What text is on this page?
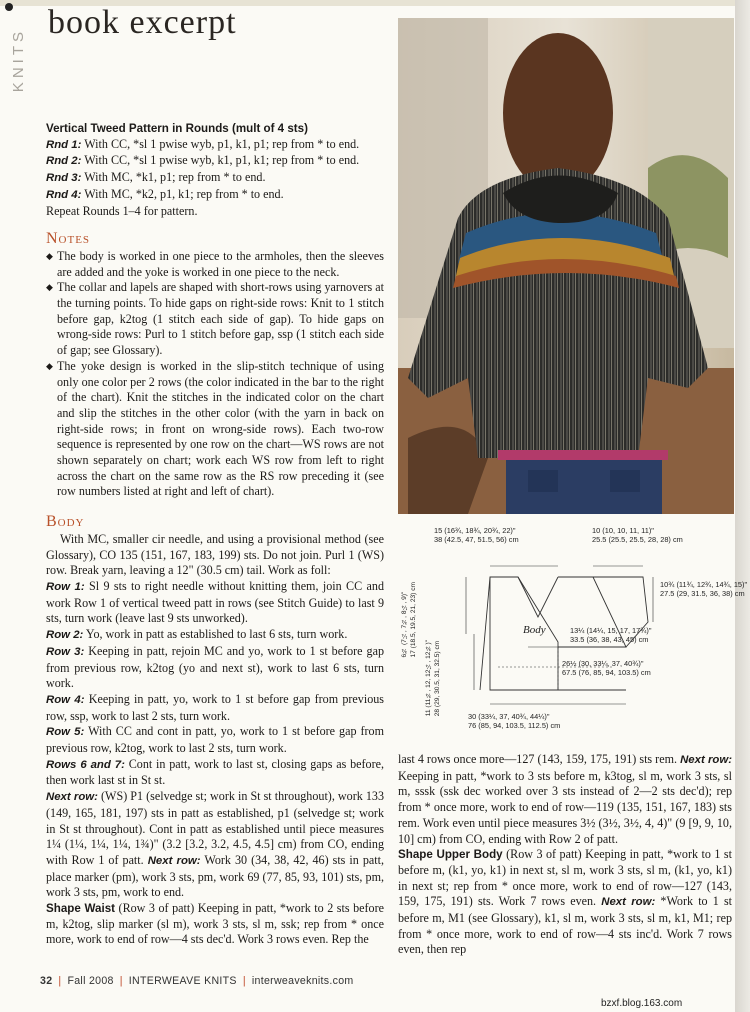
KNITS
book excerpt

Vertical Tweed Pattern in Rounds (mult of 4 sts)

Rnd 1: With CC, *sl 1 pwise wyb, p1, k1, p1; rep from * to end.

Rnd 2: With CC, *sl 1 pwise wyb, k1, p1, k1; rep from * to end.

Rnd 3: With MC, *k1, p1; rep from * to end.

Rnd 4: With MC, *k2, p1, k1; rep from * to end.

Repeat Rounds 1–4 for pattern.

Notes
◆ The body is worked in one piece to the armholes, then the sleeves are added and the yoke is worked in one piece to the neck.
◆ The collar and lapels are shaped with short-rows using yarnovers at the turning points. To hide gaps on right-side rows: Knit to 1 stitch before gap, k2tog (1 stitch each side of gap). To hide gaps on wrong-side rows: Purl to 1 stitch before gap, ssp (1 stitch each side of gap; see Glossary).
◆ The yoke design is worked in the slip-stitch technique of using only one color per 2 rows (the color indicated in the bar to the right of the chart). Knit the stitches in the indicated color on the chart and slip the stitches in the other color (with the yarn in back on right-side rows; in front on wrong-side rows). Each two-row sequence is represented by one row on the chart—WS rows are not shown separately on chart; work each WS row from left to right across the chart on the same row as the RS row preceding it (see row numbers listed at right and left of chart).
Body

With MC, smaller cir needle, and using a provisional method (see Glossary), CO 135 (151, 167, 183, 199) sts. Do not join. Purl 1 (WS) row. Break yarn, leaving a 12" (30.5 cm) tail. Work as foll:

Row 1: Sl 9 sts to right needle without knitting them, join CC and work Row 1 of vertical tweed patt in rows (see Stitch Guide) to last 9 sts, turn work (leave last 9 sts unworked).

Row 2: Yo, work in patt as established to last 6 sts, turn work.

Row 3: Keeping in patt, rejoin MC and yo, work to 1 st before gap from previous row, k2tog (yo and next st), work to last 6 sts, turn work.

Row 4: Keeping in patt, yo, work to 1 st before gap from previous row, ssp, work to last 2 sts, turn work.

Row 5: With CC and cont in patt, yo, work to 1 st before gap from previous row, k2tog, work to last 2 sts, turn work.

Rows 6 and 7: Cont in patt, work to last st, closing gaps as before, then work last st in St st.

Next row: (WS) P1 (selvedge st; work in St st throughout), work 133 (149, 165, 181, 197) sts in patt as established, p1 (selvedge st; work in St st throughout). Cont in patt as established until piece measures 1¼ (1¼, 1¼, 1¼, 1¾)" (3.2 [3.2, 3.2, 4.5, 4.5] cm) from CO, ending with Row 1 of patt. Next row: Work 30 (34, 38, 42, 46) sts in patt, place marker (pm), work 3 sts, pm, work 69 (77, 85, 93, 101) sts, pm, work 3 sts, pm, work to end.

Shape Waist (Row 3 of patt) Keeping in patt, *work to 2 sts before m, k2tog, slip marker (sl m), work 3 sts, sl m, ssk; rep from * once more, work to end of row—4 sts dec'd. Work 3 rows even. Rep the

15 (16¾, 18¾, 20¾, 22)"
38 (42.5, 47, 51.5, 56) cm
10 (10, 10, 11, 11)"
25.5 (25.5, 25.5, 28, 28) cm
10¾ (11¾, 12¾, 14¾, 15)"
27.5 (29, 31.5, 36, 38) cm
13¼ (14¼, 15, 17, 17¾)"
33.5 (36, 38, 43, 45) cm
26½ (30, 33¼, 37, 40¾)"
67.5 (76, 85, 94, 103.5) cm
30 (33¼, 37, 40¾, 44¼)"
76 (85, 94, 103.5, 112.5) cm
Body
6¾ (7¼, 7¾, 8¼, 9)" 17 (18.5, 19.5, 21, 23) cm
11 (11¾, 12, 12¼, 12¾)" 28 (29, 30.5, 31, 32.5) cm

last 4 rows once more—127 (143, 159, 175, 191) sts rem. Next row: Keeping in patt, *work to 3 sts before m, k3tog, sl m, work 3 sts, sl m, sssk (ssk dec worked over 3 sts instead of 2—2 sts dec'd); rep from * once more, work to end of row—119 (135, 151, 167, 183) sts rem. Work even until piece measures 3½ (3½, 3½, 4, 4)" (9 [9, 9, 10, 10] cm) from CO, ending with Row 2 of patt.

Shape Upper Body (Row 3 of patt) Keeping in patt, *work to 1 st before m, (k1, yo, k1) in next st, sl m, work 3 sts, sl m, (k1, yo, k1) in next st; rep from * once more, work to end of row—127 (143, 159, 175, 191) sts. Work 7 rows even. Next row: *Work to 1 st before m, M1 (see Glossary), k1, sl m, work 3 sts, sl m, k1, M1; rep from * once more, work to end of row—4 sts inc'd. Work 7 rows even, then rep

32 | Fall 2008 | INTERWEAVE KNITS | interweaveknits.com
bzxf.blog.163.com
